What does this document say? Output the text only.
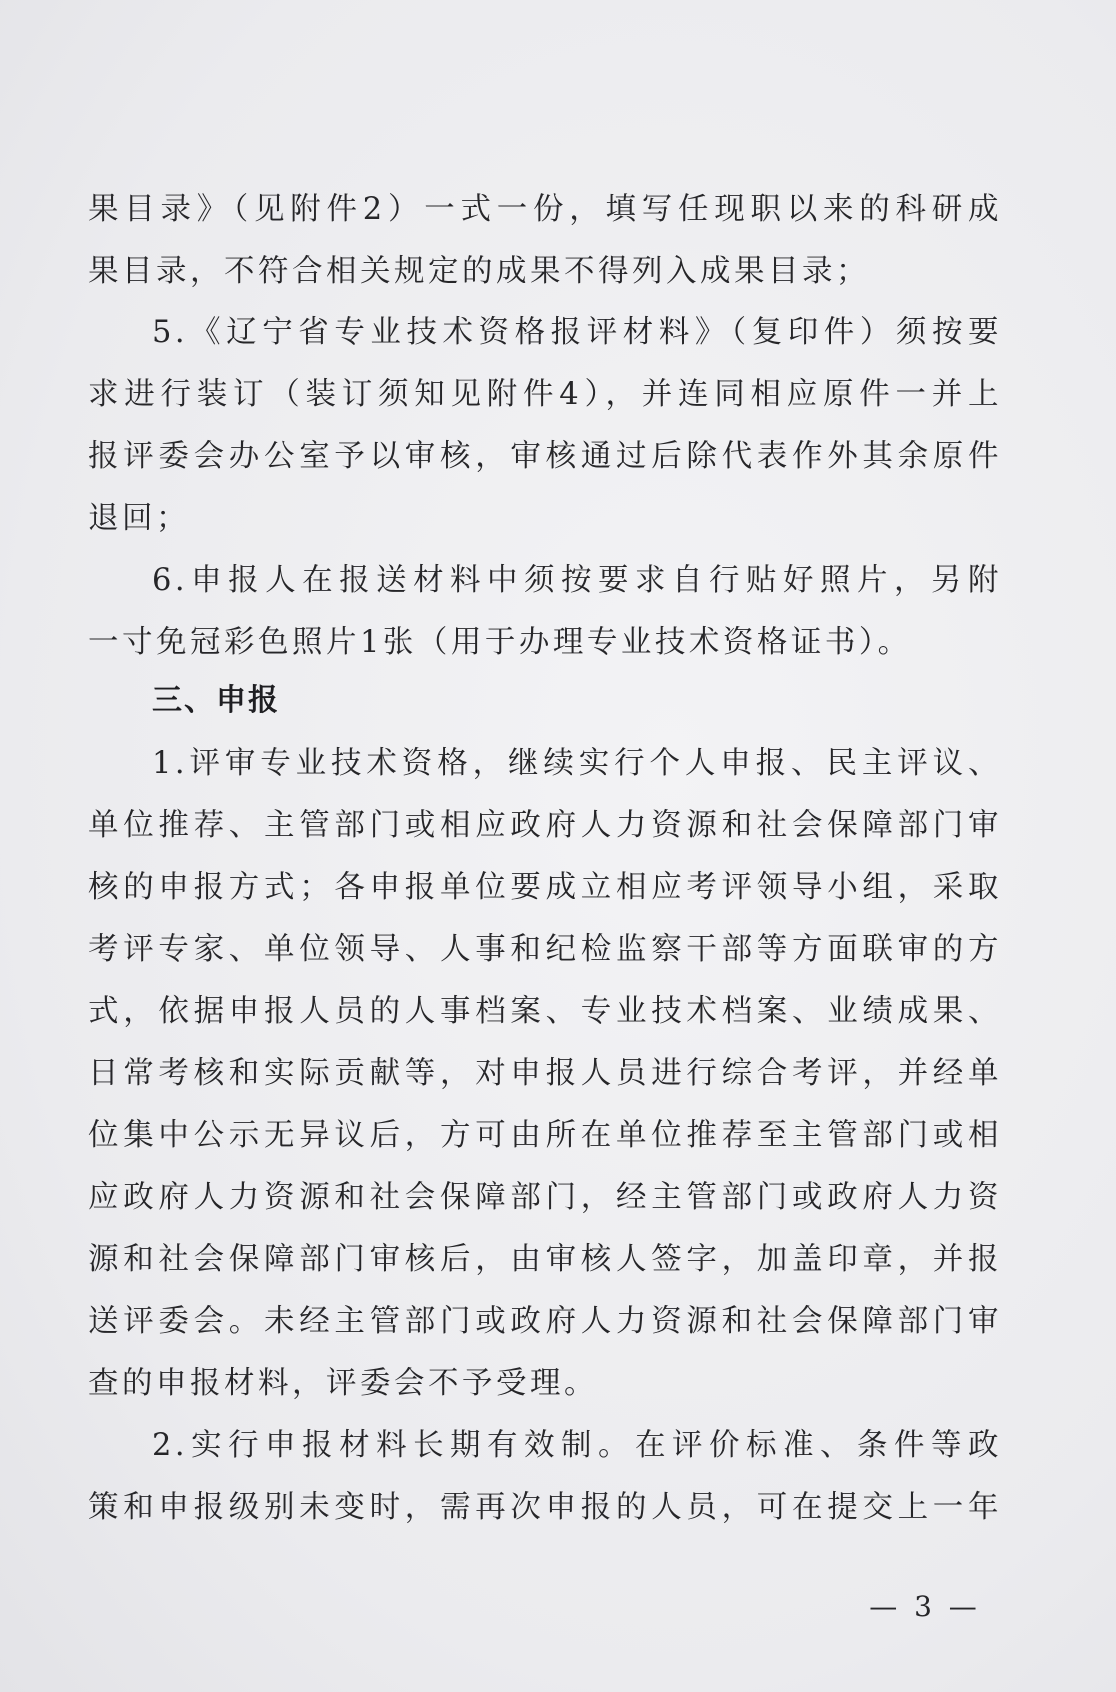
果目录》（见附件2）一式一份，填写任现职以来的科研成
果目录，不符合相关规定的成果不得列入成果目录；
5.《辽宁省专业技术资格报评材料》（复印件）须按要
求进行装订（装订须知见附件4），并连同相应原件一并上
报评委会办公室予以审核，审核通过后除代表作外其余原件
退回；
6.申报人在报送材料中须按要求自行贴好照片，另附
一寸免冠彩色照片1张（用于办理专业技术资格证书）。
三、申报
1.评审专业技术资格，继续实行个人申报、民主评议、
单位推荐、主管部门或相应政府人力资源和社会保障部门审
核的申报方式；各申报单位要成立相应考评领导小组，采取
考评专家、单位领导、人事和纪检监察干部等方面联审的方
式，依据申报人员的人事档案、专业技术档案、业绩成果、
日常考核和实际贡献等，对申报人员进行综合考评，并经单
位集中公示无异议后，方可由所在单位推荐至主管部门或相
应政府人力资源和社会保障部门，经主管部门或政府人力资
源和社会保障部门审核后，由审核人签字，加盖印章，并报
送评委会。未经主管部门或政府人力资源和社会保障部门审
查的申报材料，评委会不予受理。
2.实行申报材料长期有效制。在评价标准、条件等政
策和申报级别未变时，需再次申报的人员，可在提交上一年
— 3 —
